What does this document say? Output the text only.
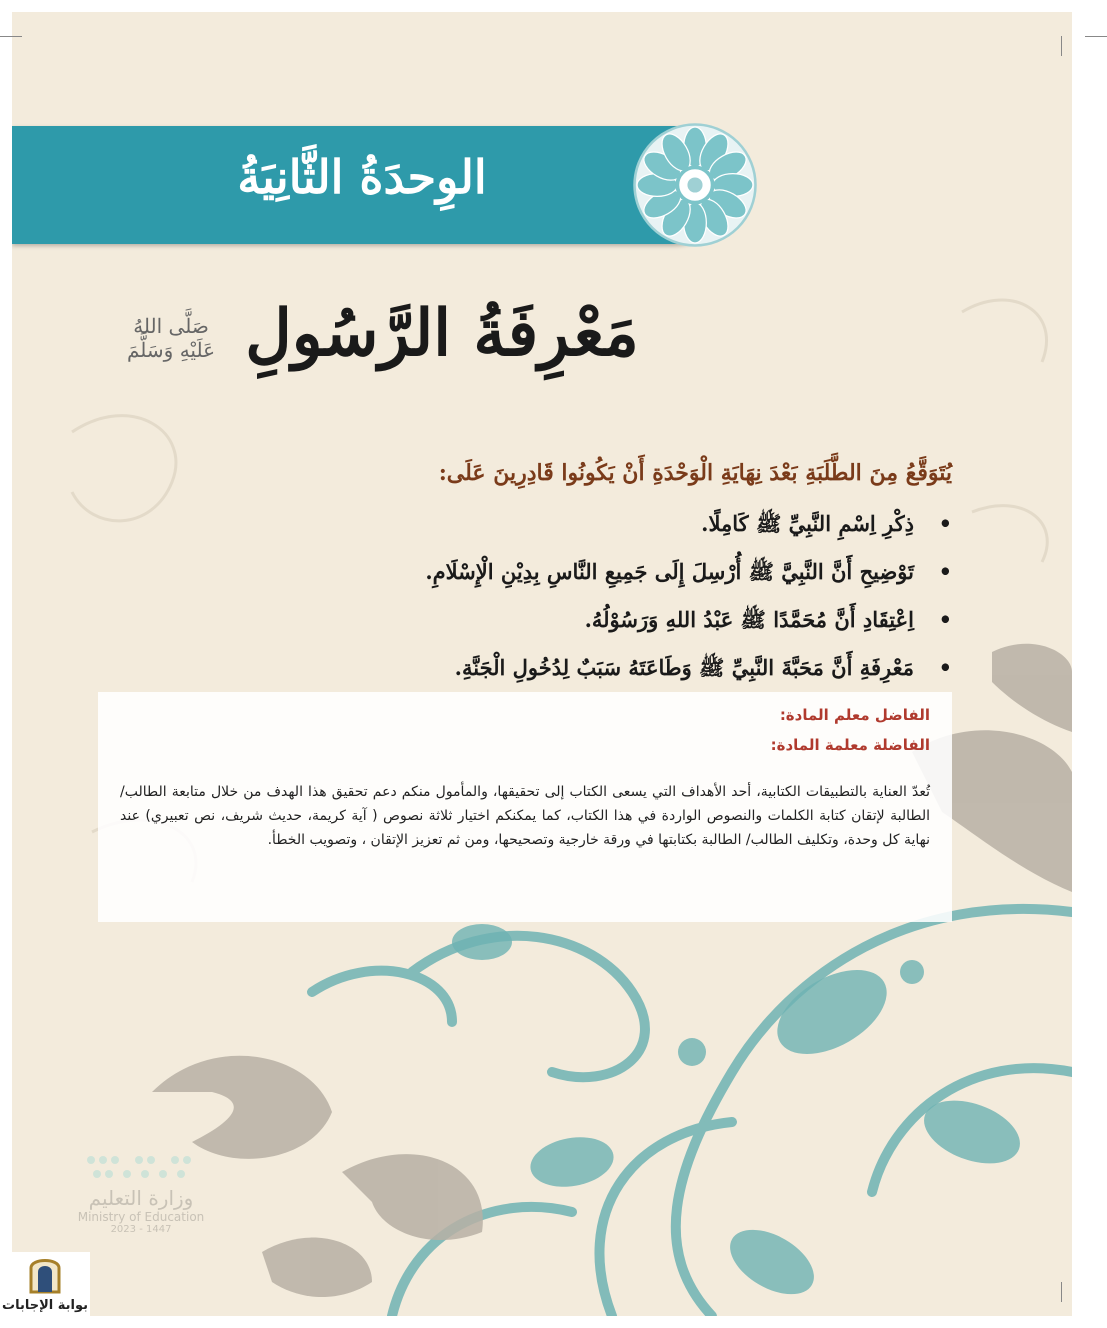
الوِحدَةُ الثَّانِيَةُ
مَعْرِفَةُ الرَّسُولِ
صَلَّى اللهُ عَلَيْهِ وَسَلَّمَ
يُتَوَقَّعُ مِنَ الطَّلَبَةِ بَعْدَ نِهَايَةِ الْوَحْدَةِ أَنْ يَكُونُوا قَادِرِينَ عَلَى:
•
ذِكْرِ اِسْمِ النَّبِيِّ ﷺ كَامِلًا.
•
تَوْضِيحِ أَنَّ النَّبِيَّ ﷺ أُرْسِلَ إِلَى جَمِيعِ النَّاسِ بِدِيْنِ الْإِسْلَامِ.
•
اِعْتِقَادِ أَنَّ مُحَمَّدًا ﷺ عَبْدُ اللهِ وَرَسُوْلُهُ.
•
مَعْرِفَةِ أَنَّ مَحَبَّةَ النَّبِيِّ ﷺ وَطَاعَتَهُ سَبَبٌ لِدُخُولِ الْجَنَّةِ.
الفاضل معلم المادة:
الفاضلة معلمة المادة:
تُعدّ العناية بالتطبيقات الكتابية، أحد الأهداف التي يسعى الكتاب إلى تحقيقها، والمأمول منكم دعم تحقيق هذا الهدف من خلال متابعة الطالب/ الطالبة لإتقان كتابة الكلمات والنصوص الواردة في هذا الكتاب، كما يمكنكم اختيار ثلاثة نصوص ( آية كريمة، حديث شريف، نص تعبيري) عند نهاية كل وحدة، وتكليف الطالب/ الطالبة بكتابتها في ورقة خارجية وتصحيحها، ومن ثم تعزيز الإتقان ، وتصويب الخطأ.
وزارة التعليم
Ministry of Education
2023 - 1447
بوابة الإجابات
